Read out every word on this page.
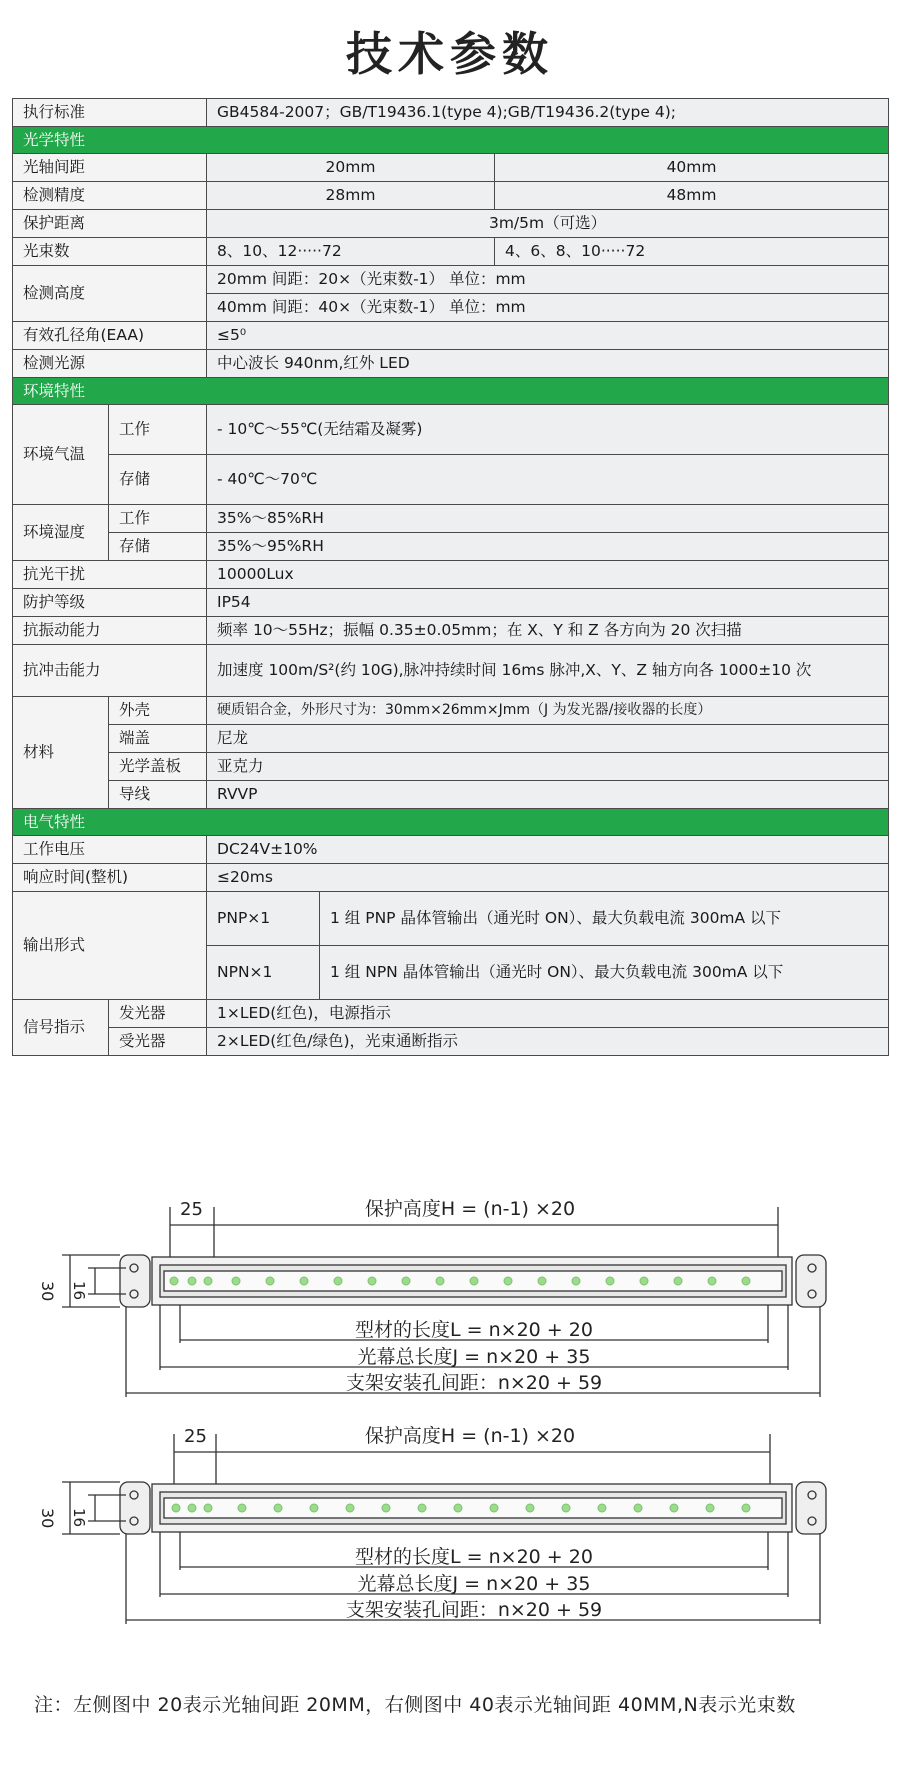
技术参数
执行标准		GB4584-2007；GB/T19436.1(type 4);GB/T19436.2(type 4);		
光学特性				
光轴间距		20mm		40mm
检测精度		28mm		48mm
保护距离		3m/5m（可选）		
光束数		8、10、12·····72		4、6、8、10·····72
检测高度		20mm 间距：20×（光束数-1） 单位：mm		
		40mm 间距：40×（光束数-1） 单位：mm		
有效孔径角(EAA)		≤5⁰		
检测光源		中心波长 940nm,红外 LED		
环境特性				
环境气温	工作	- 10℃～55℃(无结霜及凝雾)		
	存储	- 40℃～70℃		
环境湿度	工作	35%～85%RH		
	存储	35%～95%RH		
抗光干扰		10000Lux		
防护等级		IP54		
抗振动能力		频率 10～55Hz；振幅 0.35±0.05mm；在 X、Y 和 Z 各方向为 20 次扫描		
抗冲击能力		加速度 100m/S²(约 10G),脉冲持续时间 16ms 脉冲,X、Y、Z 轴方向各 1000±10 次		
材料	外壳	硬质铝合金，外形尺寸为：30mm×26mm×Jmm（J 为发光器/接收器的长度）		
	端盖	尼龙		
	光学盖板	亚克力		
	导线	RVVP		
电气特性				
工作电压		DC24V±10%		
响应时间(整机)		≤20ms		
输出形式		PNP×1	1 组 PNP 晶体管输出（通光时 ON）、最大负载电流 300mA 以下	
		NPN×1	1 组 NPN 晶体管输出（通光时 ON）、最大负载电流 300mA 以下	
信号指示	发光器	1×LED(红色)，电源指示		
	受光器	2×LED(红色/绿色)，光束通断指示		
25	保护高度H = (n-1) ×20
30 16
型材的长度L = n×20 + 20
光幕总长度J = n×20 + 35
支架安装孔间距：n×20 + 59
25	保护高度H = (n-1) ×20
30 16
型材的长度L = n×20 + 20
光幕总长度J = n×20 + 35
支架安装孔间距：n×20 + 59
注：左侧图中 20表示光轴间距 20MM，右侧图中 40表示光轴间距 40MM,N表示光束数
